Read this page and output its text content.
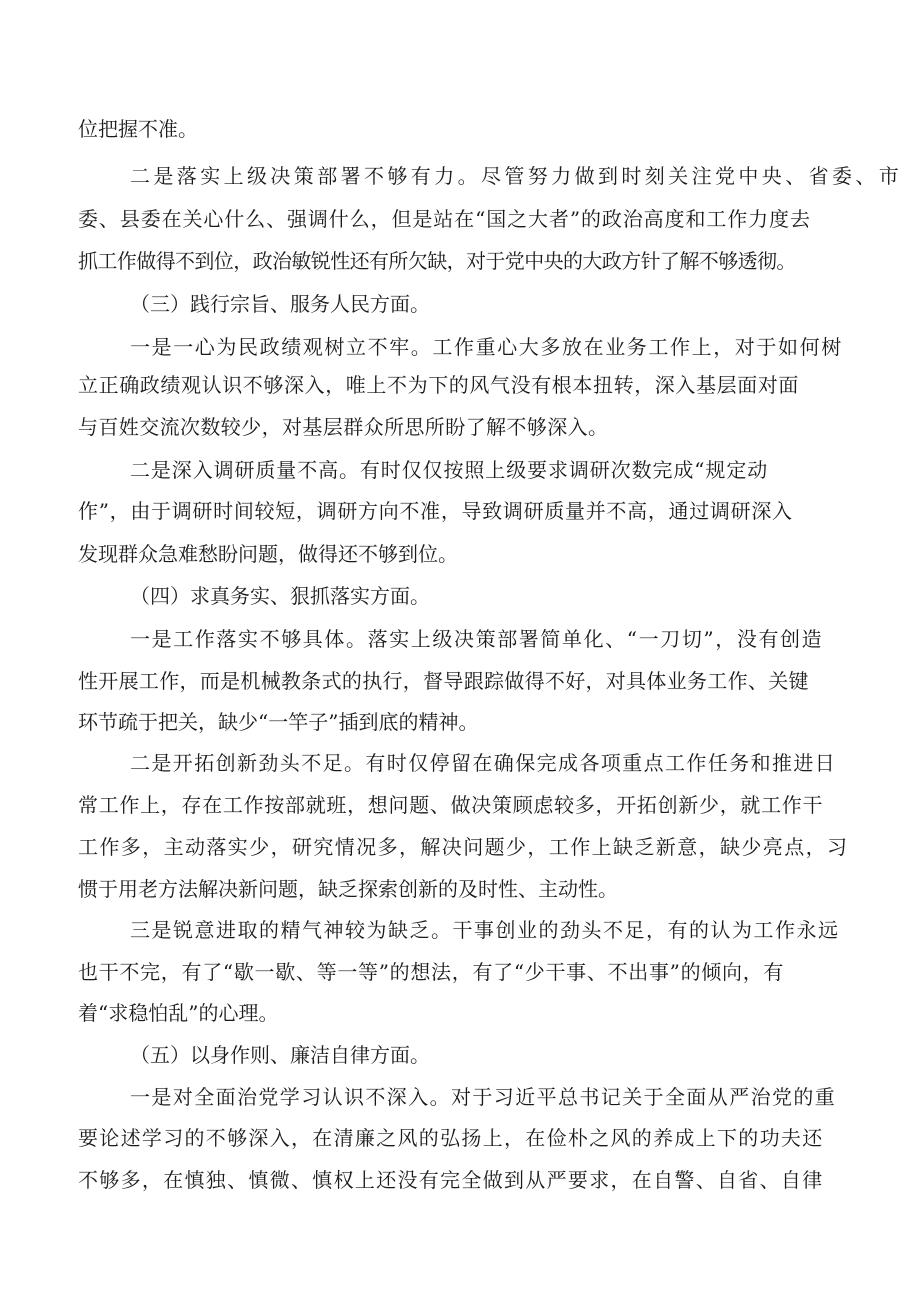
位把握不准。
二是落实上级决策部署不够有力。尽管努力做到时刻关注党中央、省委、市
委、县委在关心什么、强调什么，但是站在“国之大者”的政治高度和工作力度去
抓工作做得不到位，政治敏锐性还有所欠缺，对于党中央的大政方针了解不够透彻。
（三）践行宗旨、服务人民方面。
一是一心为民政绩观树立不牢。工作重心大多放在业务工作上，对于如何树
立正确政绩观认识不够深入，唯上不为下的风气没有根本扭转，深入基层面对面
与百姓交流次数较少，对基层群众所思所盼了解不够深入。
二是深入调研质量不高。有时仅仅按照上级要求调研次数完成“规定动
作”，由于调研时间较短，调研方向不准，导致调研质量并不高，通过调研深入
发现群众急难愁盼问题，做得还不够到位。
（四）求真务实、狠抓落实方面。
一是工作落实不够具体。落实上级决策部署简单化、“一刀切”，没有创造
性开展工作，而是机械教条式的执行，督导跟踪做得不好，对具体业务工作、关键
环节疏于把关，缺少“一竿子”插到底的精神。
二是开拓创新劲头不足。有时仅停留在确保完成各项重点工作任务和推进日
常工作上，存在工作按部就班，想问题、做决策顾虑较多，开拓创新少，就工作干
工作多，主动落实少，研究情况多，解决问题少，工作上缺乏新意，缺少亮点，习
惯于用老方法解决新问题，缺乏探索创新的及时性、主动性。
三是锐意进取的精气神较为缺乏。干事创业的劲头不足，有的认为工作永远
也干不完，有了“歇一歇、等一等”的想法，有了“少干事、不出事”的倾向，有
着“求稳怕乱”的心理。
（五）以身作则、廉洁自律方面。
一是对全面治党学习认识不深入。对于习近平总书记关于全面从严治党的重
要论述学习的不够深入，在清廉之风的弘扬上，在俭朴之风的养成上下的功夫还
不够多，在慎独、慎微、慎权上还没有完全做到从严要求，在自警、自省、自律
